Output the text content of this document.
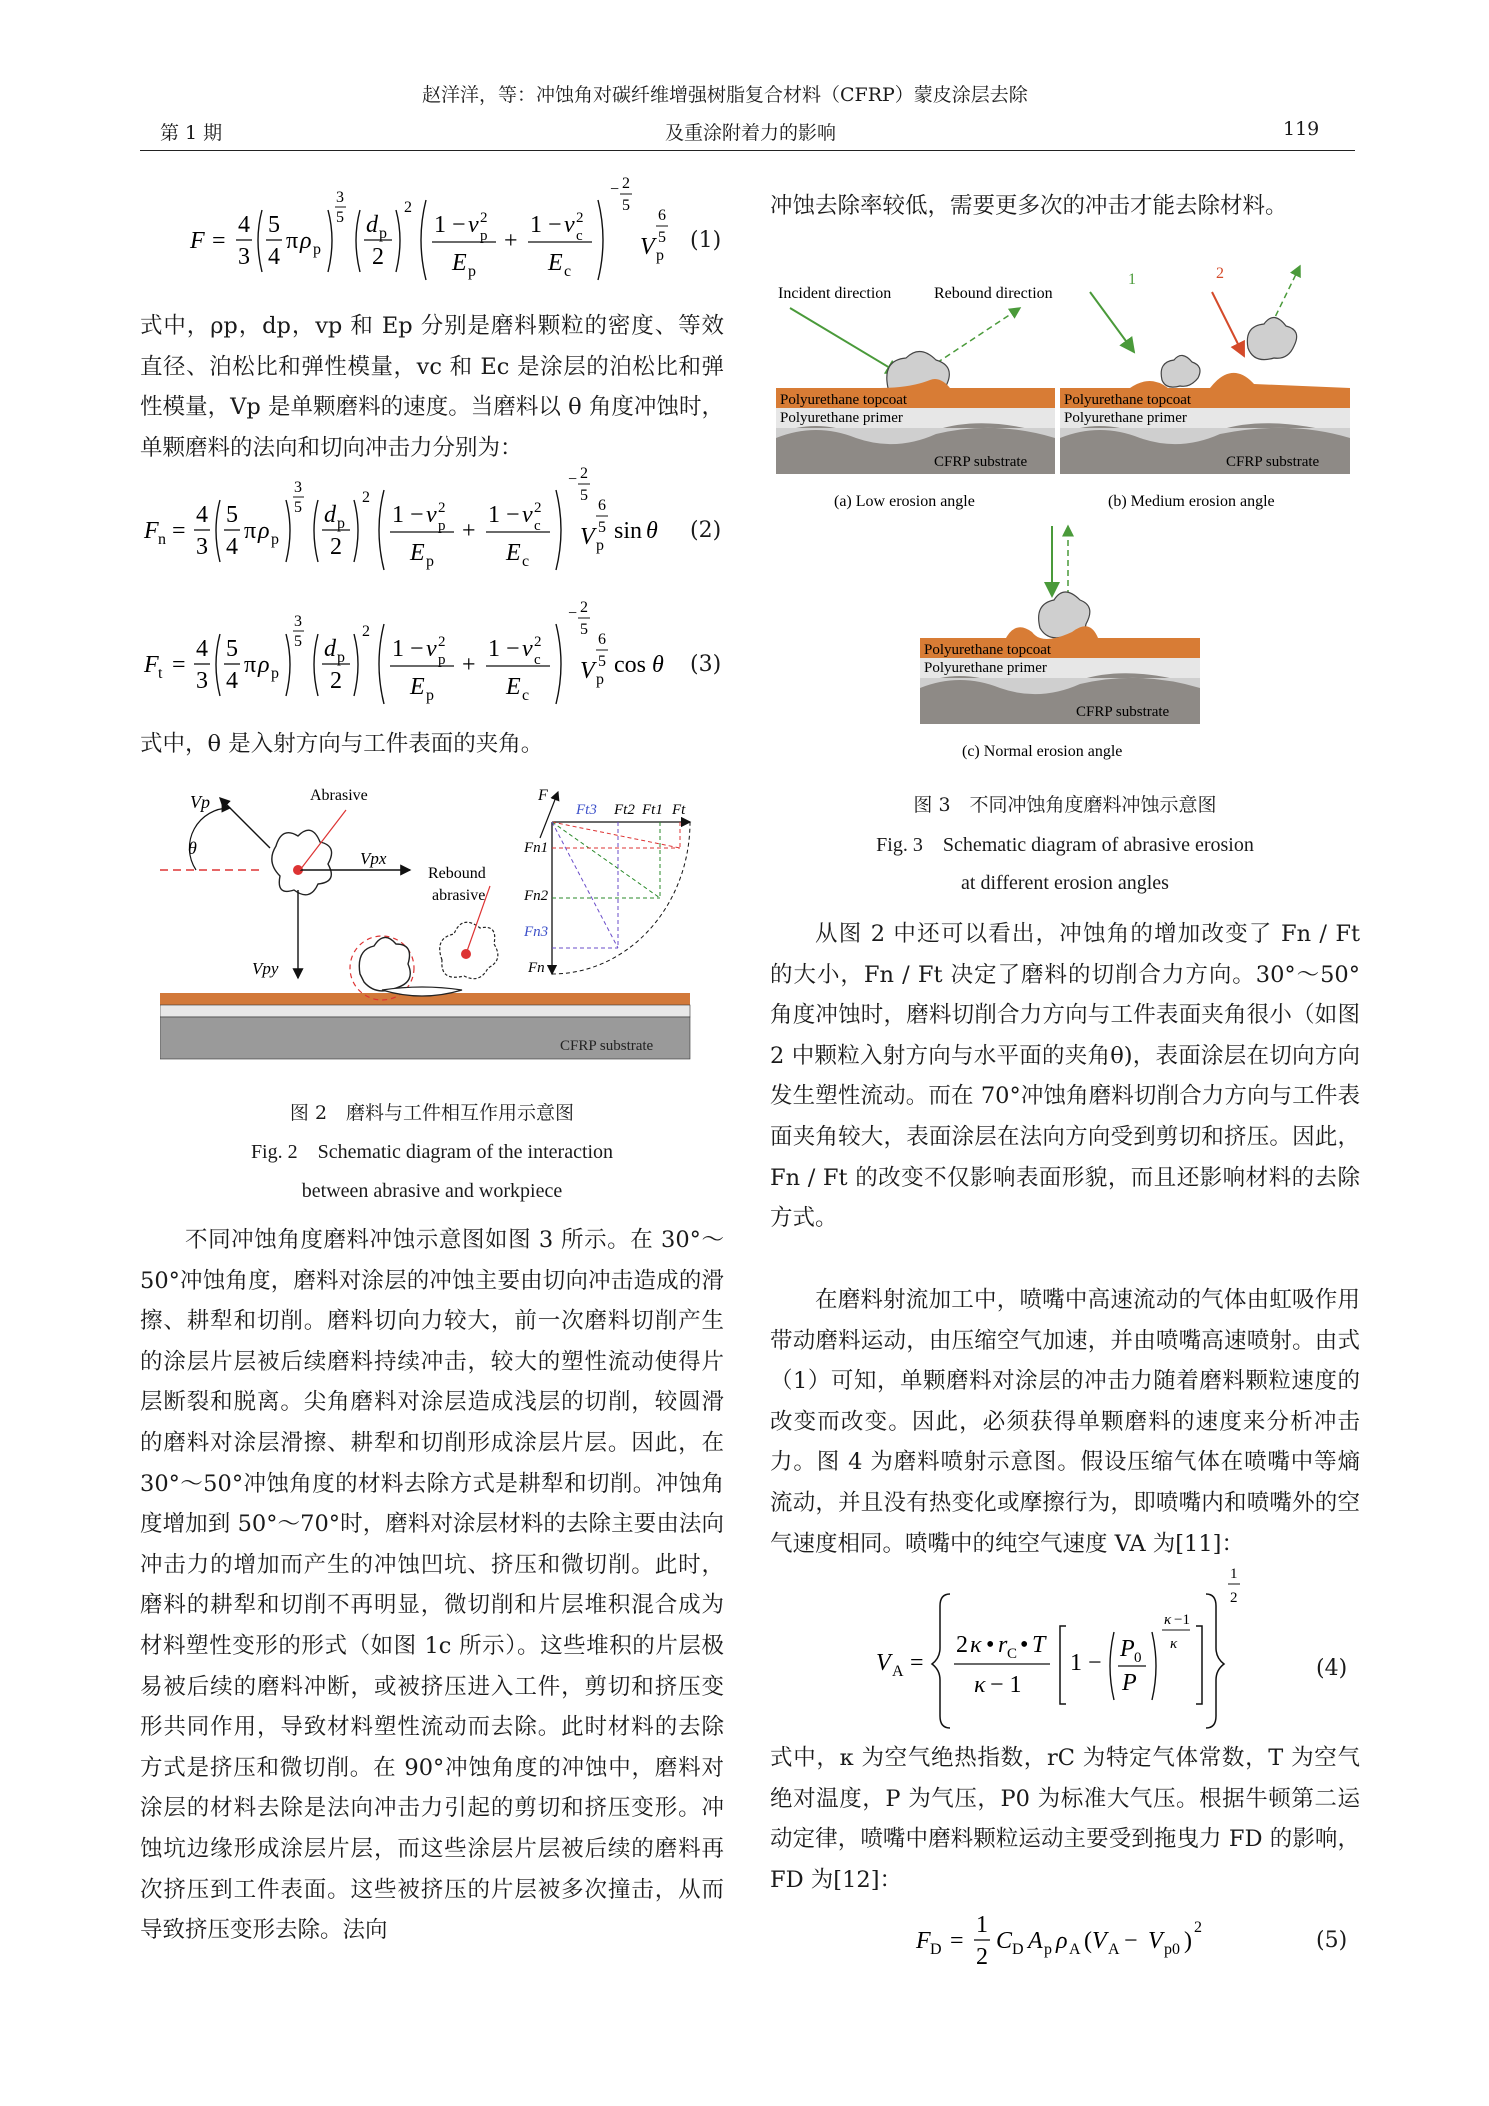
赵洋洋，等：冲蚀角对碳纤维增强树脂复合材料（CFRP）蒙皮涂层去除
第 1 期	及重涂附着力的影响	119
F =
4
3
5
4
π ρ p
3
5 d p
2
2
1 − v 2
p
E p
+
1 − v 2
c
E c
− 2
5
V p
6
5 (1)

式中，ρp，dp，vp 和 Ep 分别是磨料颗粒的密度、等效直径、泊松比和弹性模量，vc 和 Ec 是涂层的泊松比和弹性模量，Vp 是单颗磨料的速度。当磨料以 θ 角度冲蚀时，单颗磨料的法向和切向冲击力分别为：

F n =
4
3
5
4
π ρ p
3
5 d p
2
2
1 − v 2
p
E p
+
1 − v 2
c
E c
− 2
5
V p
6
5 sin θ (2)
F t =
4
3
5
4
π ρ p
3
5 d p
2
2
1 − v 2
p
E p
+
1 − v 2
c
E c
− 2
5
V p
6
5 cos θ (3)

式中，θ 是入射方向与工件表面的夹角。

CFRP substrate
Vp
θ
Abrasive
Vpx
Vpy
Rebound
abrasive
F
Ft3 Ft2 Ft1 Ft
Fn1
Fn2
Fn3
Fn
图 2　磨料与工件相互作用示意图
Fig. 2　Schematic diagram of the interaction
between abrasive and workpiece

不同冲蚀角度磨料冲蚀示意图如图 3 所示。在 30°～50°冲蚀角度，磨料对涂层的冲蚀主要由切向冲击造成的滑擦、耕犁和切削。磨料切向力较大，前一次磨料切削产生的涂层片层被后续磨料持续冲击，较大的塑性流动使得片层断裂和脱离。尖角磨料对涂层造成浅层的切削，较圆滑的磨料对涂层滑擦、耕犁和切削形成涂层片层。因此，在 30°～50°冲蚀角度的材料去除方式是耕犁和切削。冲蚀角度增加到 50°～70°时，磨料对涂层材料的去除主要由法向冲击力的增加而产生的冲蚀凹坑、挤压和微切削。此时，磨料的耕犁和切削不再明显，微切削和片层堆积混合成为材料塑性变形的形式（如图 1c 所示）。这些堆积的片层极易被后续的磨料冲断，或被挤压进入工件，剪切和挤压变形共同作用，导致材料塑性流动而去除。此时材料的去除方式是挤压和微切削。在 90°冲蚀角度的冲蚀中，磨料对涂层的材料去除是法向冲击力引起的剪切和挤压变形。冲蚀坑边缘形成涂层片层，而这些涂层片层被后续的磨料再次挤压到工件表面。这些被挤压的片层被多次撞击，从而导致挤压变形去除。法向

冲蚀去除率较低，需要更多次的冲击才能去除材料。

Incident direction	Rebound direction
Polyurethane topcoat
Polyurethane primer
CFRP substrate
(a) Low erosion angle
1	2
Polyurethane topcoat
Polyurethane primer
CFRP substrate
(b) Medium erosion angle
Polyurethane topcoat
Polyurethane primer
CFRP substrate
(c) Normal erosion angle
图 3　不同冲蚀角度磨料冲蚀示意图
Fig. 3　Schematic diagram of abrasive erosion
at different erosion angles

从图 2 中还可以看出，冲蚀角的增加改变了 Fn / Ft 的大小，Fn / Ft 决定了磨料的切削合力方向。30°～50°角度冲蚀时，磨料切削合力方向与工件表面夹角很小（如图 2 中颗粒入射方向与水平面的夹角θ)，表面涂层在切向方向发生塑性流动。而在 70°冲蚀角磨料切削合力方向与工件表面夹角较大，表面涂层在法向方向受到剪切和挤压。因此，Fn / Ft 的改变不仅影响表面形貌，而且还影响材料的去除方式。

在磨料射流加工中，喷嘴中高速流动的气体由虹吸作用带动磨料运动，由压缩空气加速，并由喷嘴高速喷射。由式（1）可知，单颗磨料对涂层的冲击力随着磨料颗粒速度的改变而改变。因此，必须获得单颗磨料的速度来分析冲击力。图 4 为磨料喷射示意图。假设压缩气体在喷嘴中等熵流动，并且没有热变化或摩擦行为，即喷嘴内和喷嘴外的空气速度相同。喷嘴中的纯空气速度 VA 为[11]：

V A =
2 κ • r C • T
κ − 1
1 −
P 0
P
κ −1
κ
1
2
(4)

式中，κ 为空气绝热指数，rC 为特定气体常数，T 为空气绝对温度，P 为气压，P0 为标准大气压。根据牛顿第二运动定律，喷嘴中磨料颗粒运动主要受到拖曳力 FD 的影响，FD 为[12]：

F D =
1
2
C D A p ρ A ( V A − V p0 )
2
(5)
